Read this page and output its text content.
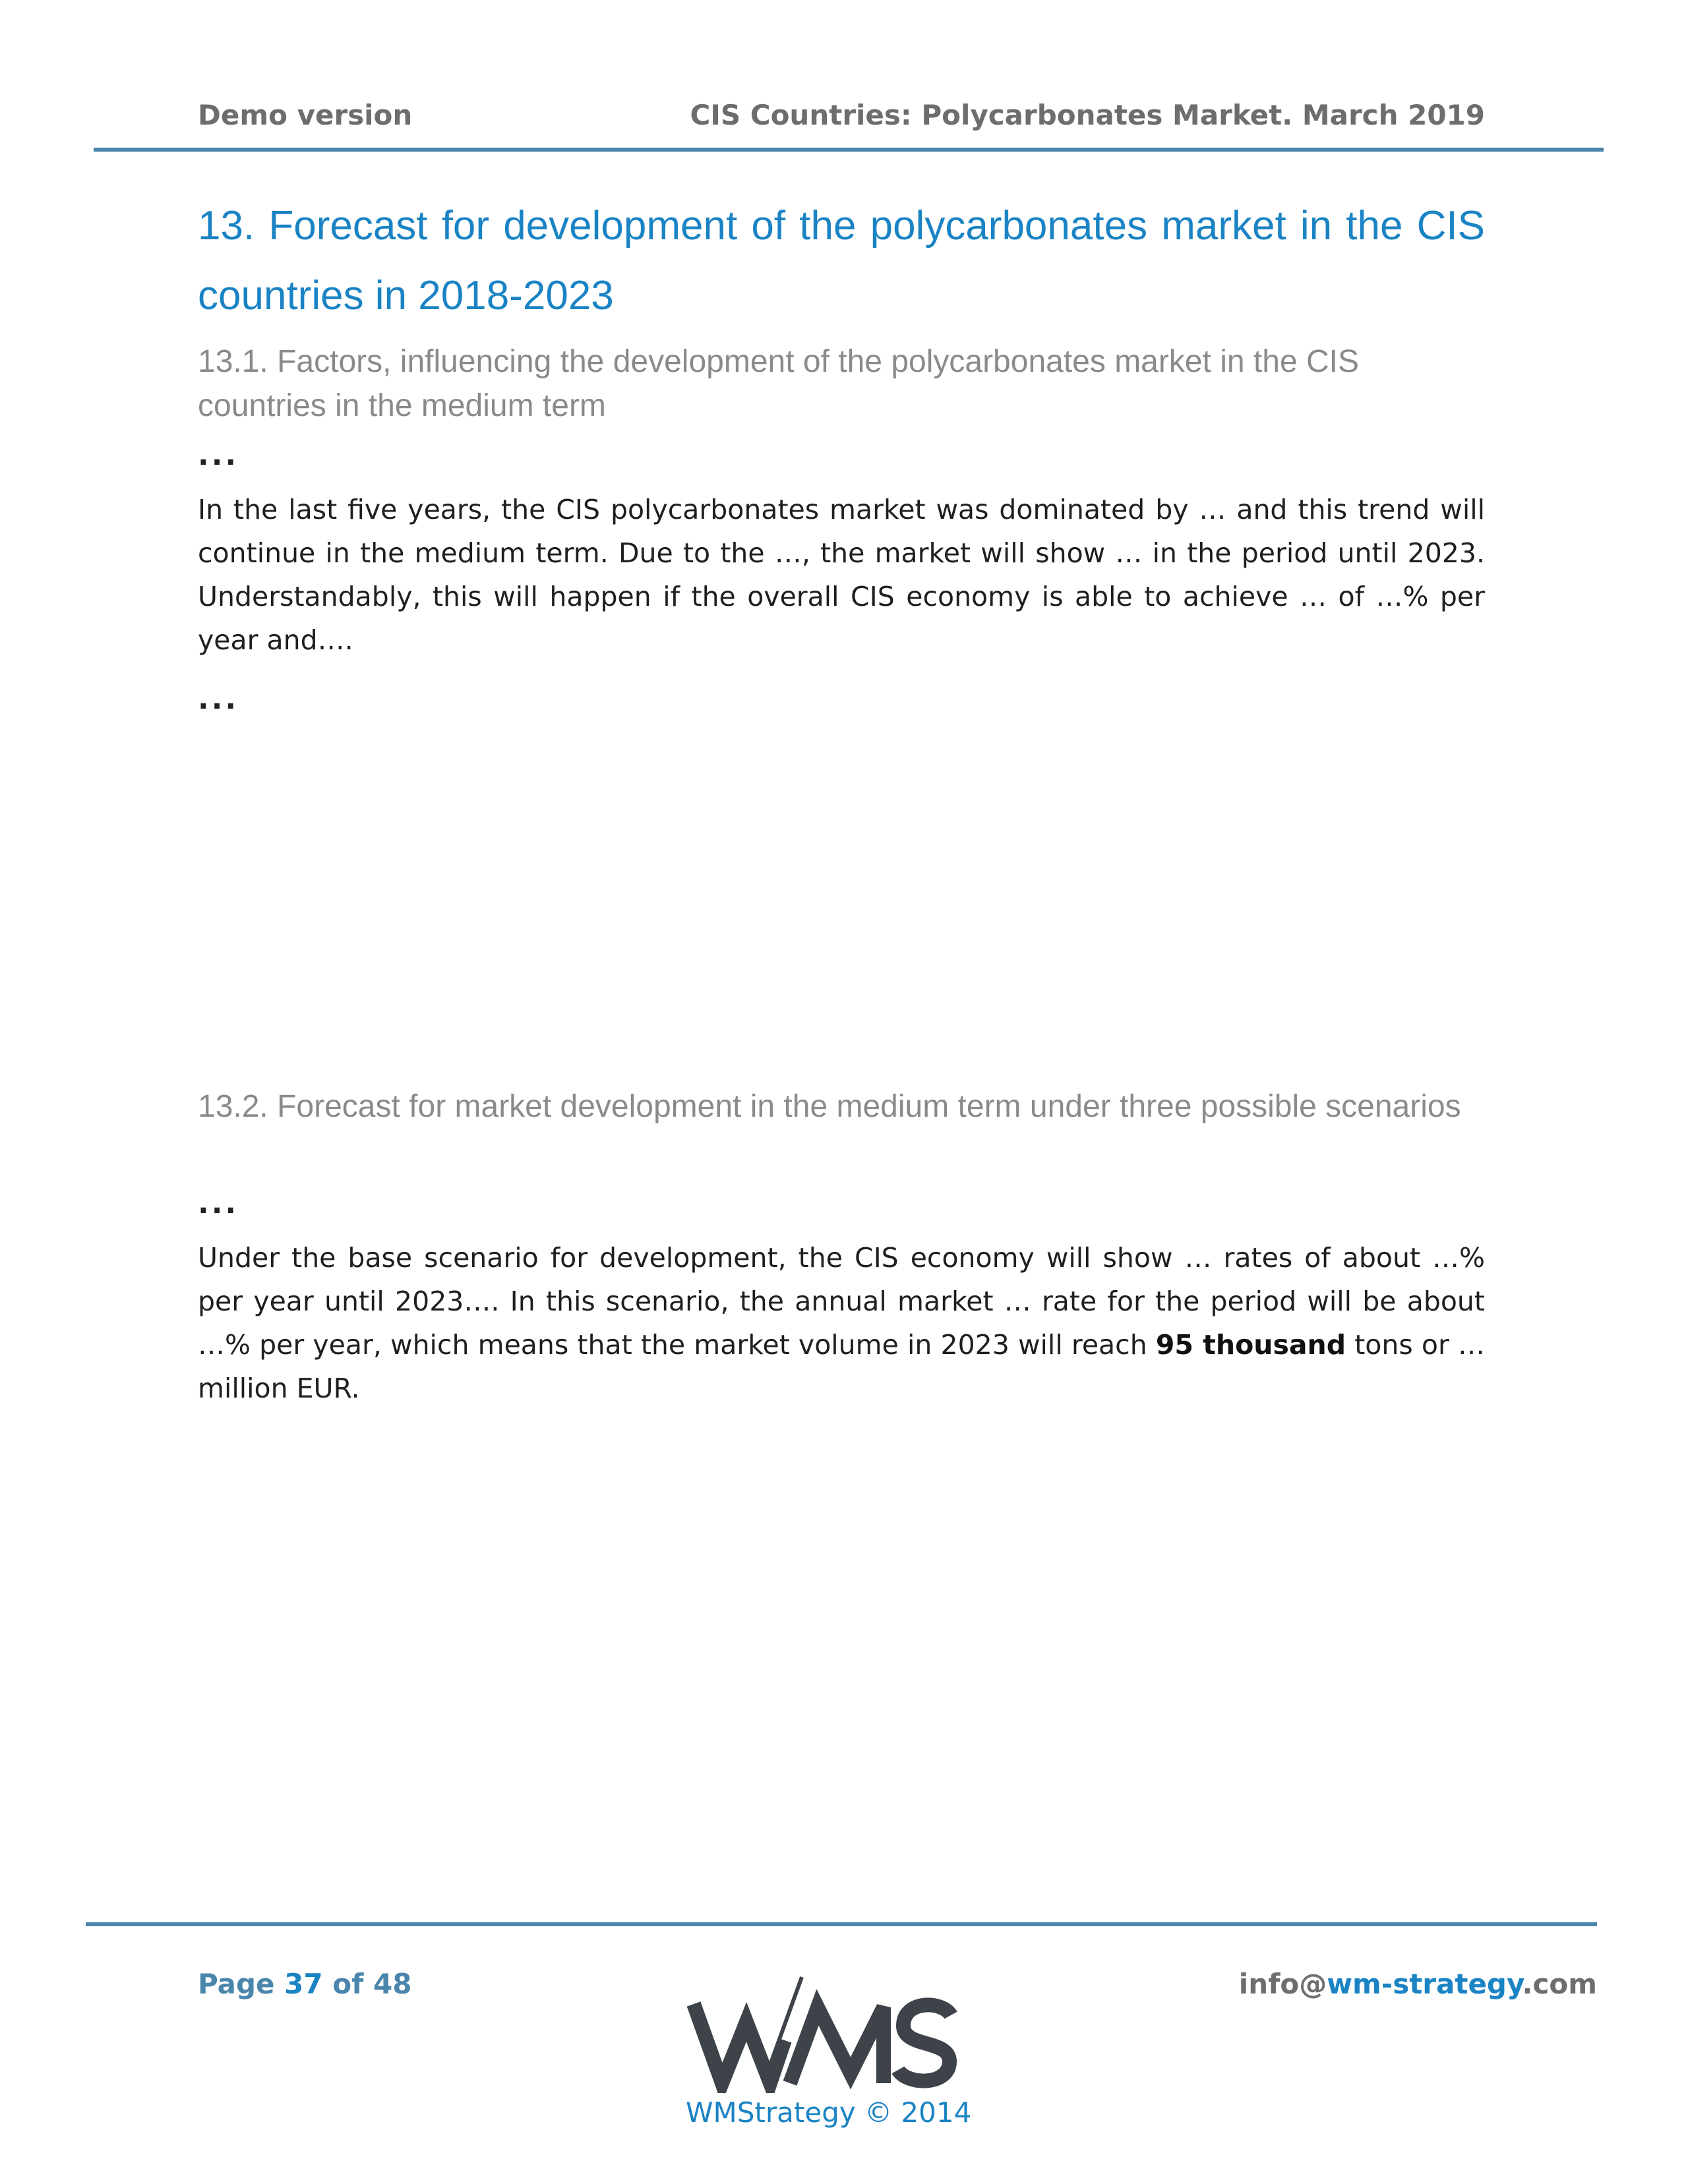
Demo version	CIS Countries: Polycarbonates Market. March 2019
13. Forecast for development of the polycarbonates market in the CIS countries in 2018-2023
13.1. Factors, influencing the development of the polycarbonates market in the CIS countries in the medium term
...
In the last five years, the CIS polycarbonates market was dominated by … and this trend will continue in the medium term. Due to the …, the market will show … in the period until 2023. Understandably, this will happen if the overall CIS economy is able to achieve … of …% per year and….
...
13.2. Forecast for market development in the medium term under three possible scenarios
...
Under the base scenario for development, the CIS economy will show … rates of about …% per year until 2023…. In this scenario, the annual market … rate for the period will be about …% per year, which means that the market volume in 2023 will reach 95 thousand tons or … million EUR.
Page 37 of 48
WMStrategy © 2014
info@wm-strategy.com
